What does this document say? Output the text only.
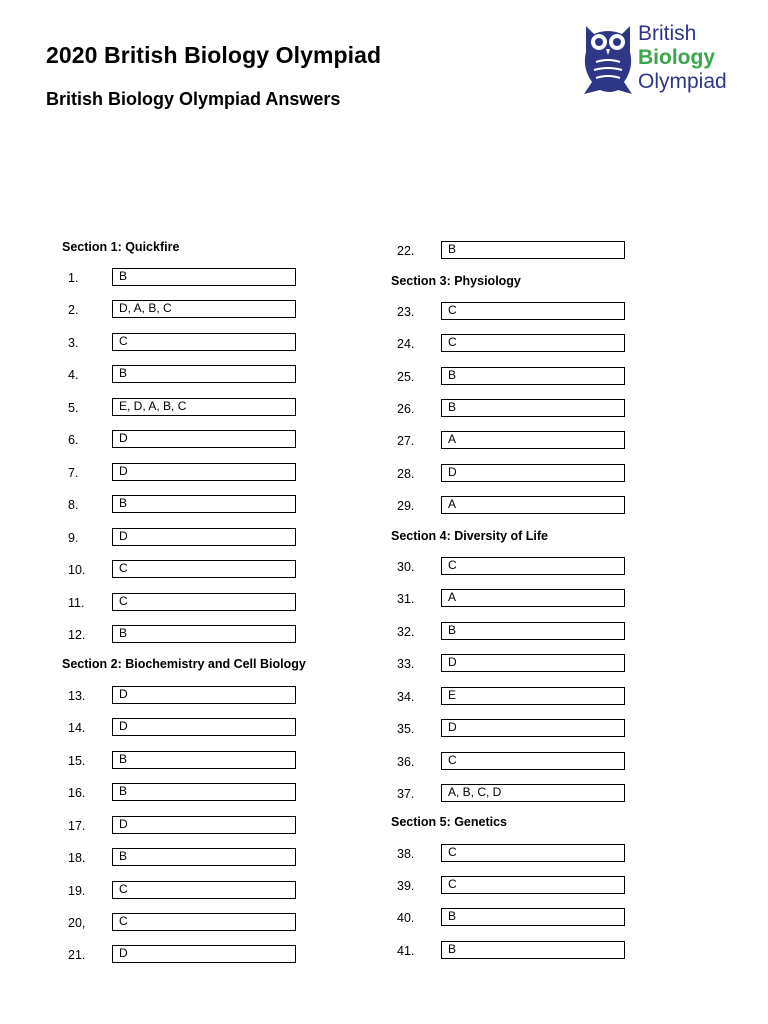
2020 British Biology Olympiad
British Biology Olympiad Answers
British
Biology
Olympiad
Section 1: Quickfire
1.	B
2.	D, A, B, C
3.	C
4.	B
5.	E, D, A, B, C
6.	D
7.	D
8.	B
9.	D
10.	C
11.	C
12.	B
Section 2: Biochemistry and Cell Biology
13.	D
14.	D
15.	B
16.	B
17.	D
18.	B
19.	C
20,	C
21.	D
22.	B
Section 3: Physiology
23.	C
24.	C
25.	B
26.	B
27.	A
28.	D
29.	A
Section 4: Diversity of Life
30.	C
31.	A
32.	B
33.	D
34.	E
35.	D
36.	C
37.	A, B, C, D
Section 5: Genetics
38.	C
39.	C
40.	B
41.	B
